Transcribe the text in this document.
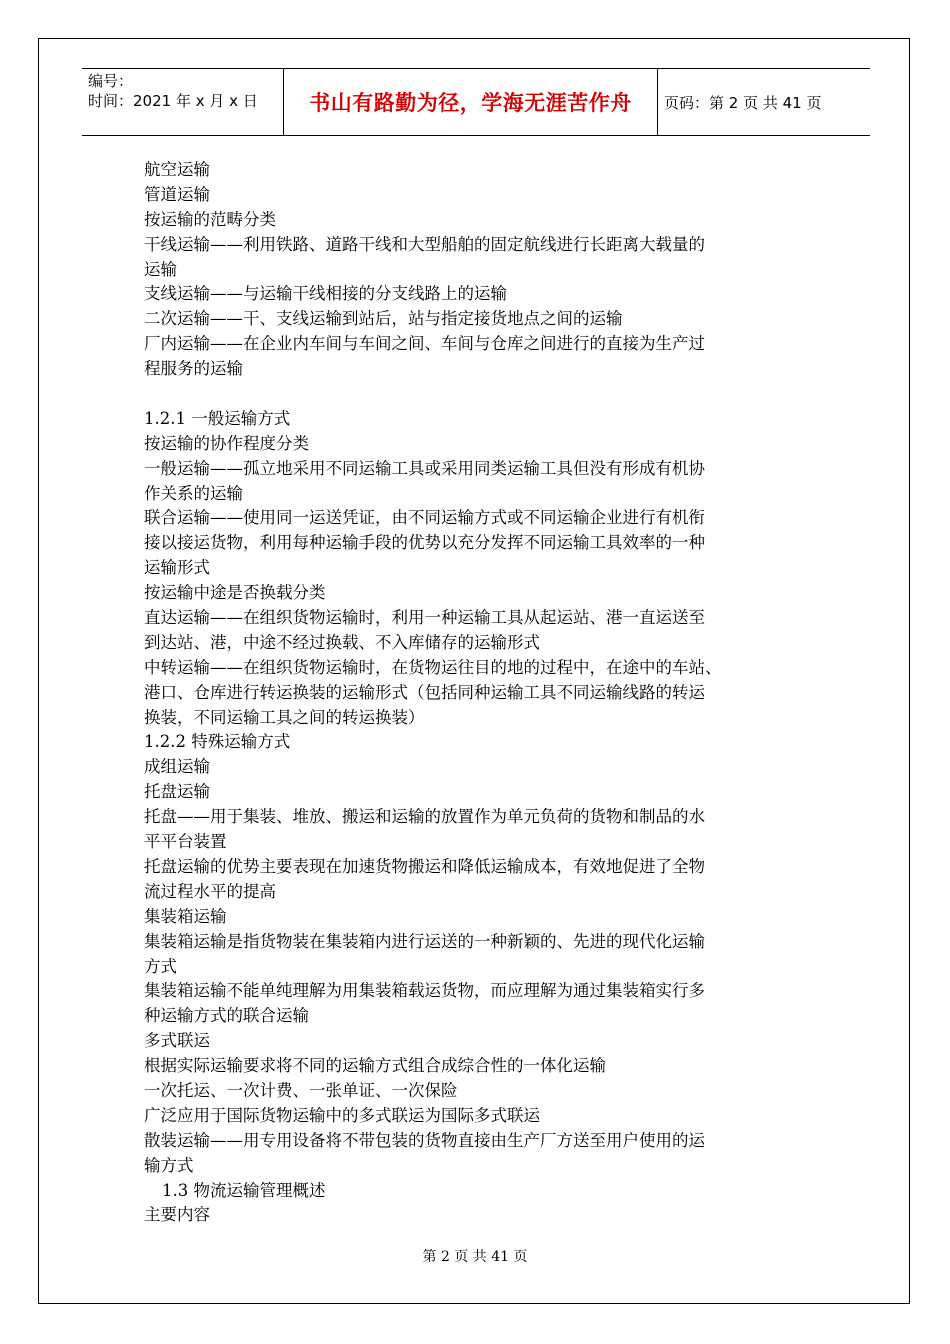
编号：
时间：2021 年 x 月 x 日	书山有路勤为径，学海无涯苦作舟 页码：第 2 页 共 41 页
航空运输
管道运输
按运输的范畴分类
干线运输——利用铁路、道路干线和大型船舶的固定航线进行长距离大载量的
运输
支线运输——与运输干线相接的分支线路上的运输
二次运输——干、支线运输到站后，站与指定接货地点之间的运输
厂内运输——在企业内车间与车间之间、车间与仓库之间进行的直接为生产过
程服务的运输
1.2.1 一般运输方式
按运输的协作程度分类
一般运输——孤立地采用不同运输工具或采用同类运输工具但没有形成有机协
作关系的运输
联合运输——使用同一运送凭证，由不同运输方式或不同运输企业进行有机衔
接以接运货物，利用每种运输手段的优势以充分发挥不同运输工具效率的一种
运输形式
按运输中途是否换载分类
直达运输——在组织货物运输时，利用一种运输工具从起运站、港一直运送至
到达站、港，中途不经过换载、不入库储存的运输形式
中转运输——在组织货物运输时，在货物运往目的地的过程中，在途中的车站、
港口、仓库进行转运换装的运输形式（包括同种运输工具不同运输线路的转运
换装，不同运输工具之间的转运换装）
1.2.2 特殊运输方式
成组运输
托盘运输
托盘——用于集装、堆放、搬运和运输的放置作为单元负荷的货物和制品的水
平平台装置
托盘运输的优势主要表现在加速货物搬运和降低运输成本，有效地促进了全物
流过程水平的提高
集装箱运输
集装箱运输是指货物装在集装箱内进行运送的一种新颖的、先进的现代化运输
方式
集装箱运输不能单纯理解为用集装箱载运货物，而应理解为通过集装箱实行多
种运输方式的联合运输
多式联运
根据实际运输要求将不同的运输方式组合成综合性的一体化运输
一次托运、一次计费、一张单证、一次保险
广泛应用于国际货物运输中的多式联运为国际多式联运
散装运输——用专用设备将不带包装的货物直接由生产厂方送至用户使用的运
输方式
1.3 物流运输管理概述
主要内容
第 2 页 共 41 页
